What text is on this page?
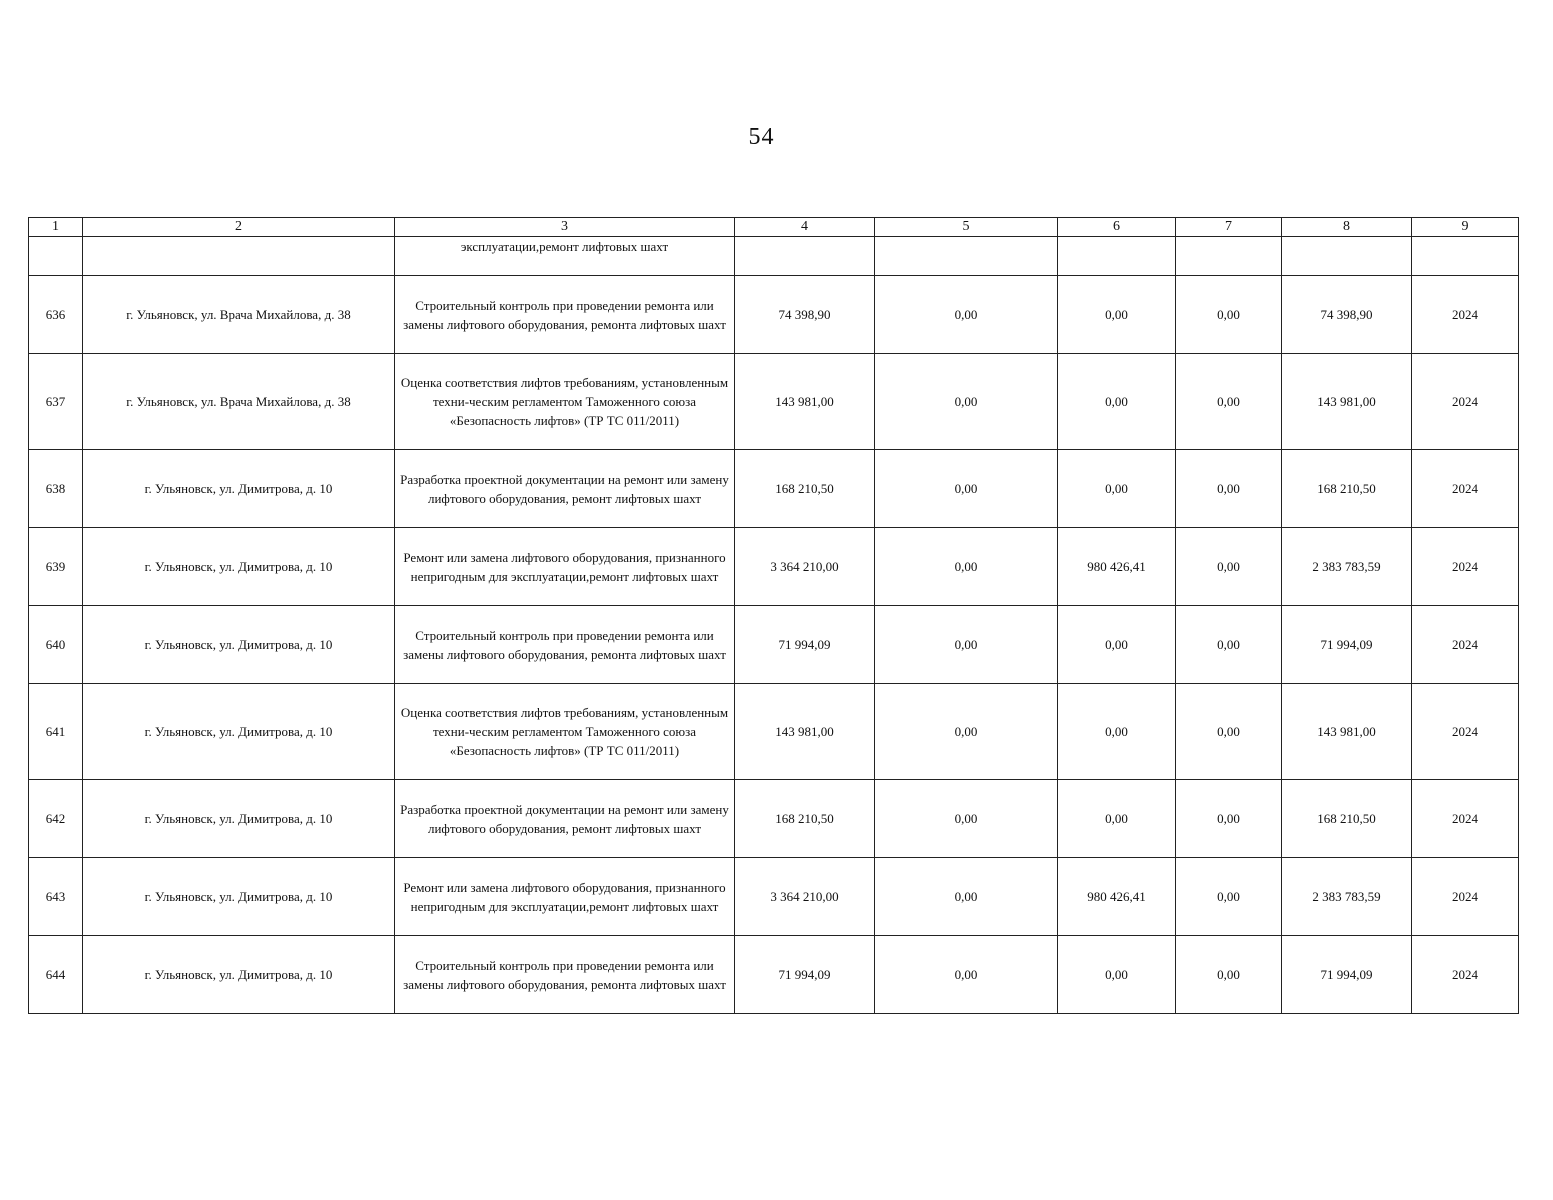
54
1	2	3	4	5	6	7	8	9
		эксплуатации,ремонт лифтовых шахт						
636	г. Ульяновск, ул. Врача Михайлова, д. 38	Строительный контроль при проведении ремонта или замены лифтового оборудования, ремонта лифтовых шахт	74 398,90	0,00	0,00	0,00	74 398,90	2024
637	г. Ульяновск, ул. Врача Михайлова, д. 38	Оценка соответствия лифтов требованиям, установленным техни-ческим регламентом Таможенного союза «Безопасность лифтов» (ТР ТС 011/2011)	143 981,00	0,00	0,00	0,00	143 981,00	2024
638	г. Ульяновск, ул. Димитрова, д. 10	Разработка проектной документации на ремонт или замену лифтового оборудования, ремонт лифтовых шахт	168 210,50	0,00	0,00	0,00	168 210,50	2024
639	г. Ульяновск, ул. Димитрова, д. 10	Ремонт или замена лифтового оборудования, признанного непригодным для эксплуатации,ремонт лифтовых шахт	3 364 210,00	0,00	980 426,41	0,00	2 383 783,59	2024
640	г. Ульяновск, ул. Димитрова, д. 10	Строительный контроль при проведении ремонта или замены лифтового оборудования, ремонта лифтовых шахт	71 994,09	0,00	0,00	0,00	71 994,09	2024
641	г. Ульяновск, ул. Димитрова, д. 10	Оценка соответствия лифтов требованиям, установленным техни-ческим регламентом Таможенного союза «Безопасность лифтов» (ТР ТС 011/2011)	143 981,00	0,00	0,00	0,00	143 981,00	2024
642	г. Ульяновск, ул. Димитрова, д. 10	Разработка проектной документации на ремонт или замену лифтового оборудования, ремонт лифтовых шахт	168 210,50	0,00	0,00	0,00	168 210,50	2024
643	г. Ульяновск, ул. Димитрова, д. 10	Ремонт или замена лифтового оборудования, признанного непригодным для эксплуатации,ремонт лифтовых шахт	3 364 210,00	0,00	980 426,41	0,00	2 383 783,59	2024
644	г. Ульяновск, ул. Димитрова, д. 10	Строительный контроль при проведении ремонта или замены лифтового оборудования, ремонта лифтовых шахт	71 994,09	0,00	0,00	0,00	71 994,09	2024
